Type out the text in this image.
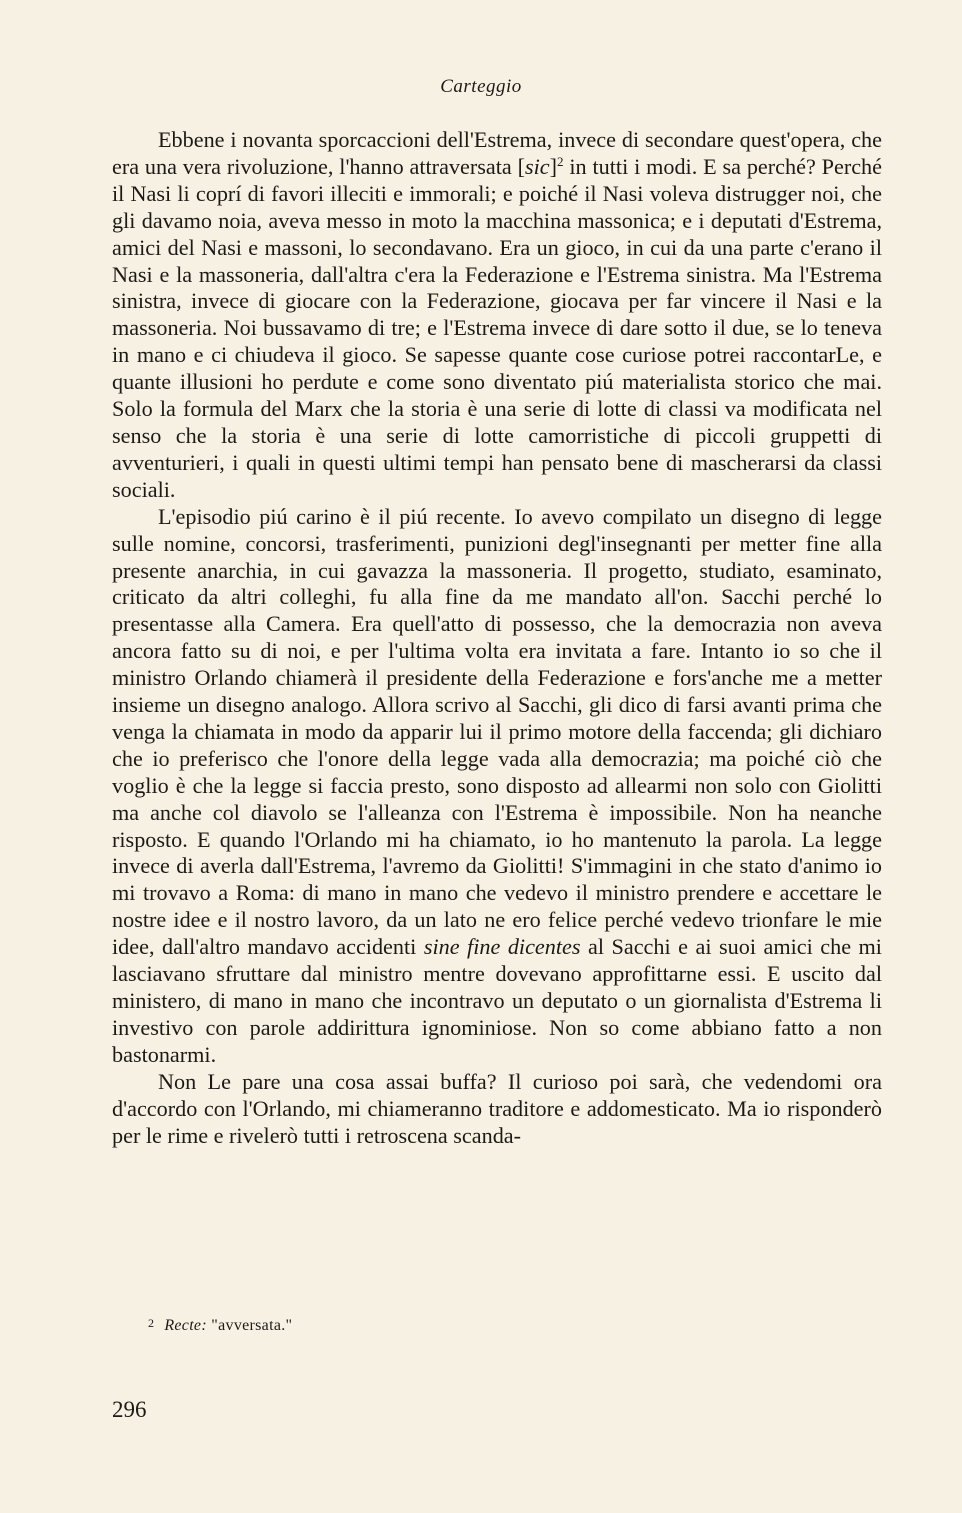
Carteggio

Ebbene i novanta sporcaccioni dell'Estrema, invece di secondare quest'opera, che era una vera rivoluzione, l'hanno attraversata [sic]$^2$ in tutti i modi. E sa perché? Perché il Nasi li coprí di favori illeciti e immorali; e poiché il Nasi voleva distrugger noi, che gli davamo noia, aveva messo in moto la macchina massonica; e i deputati d'Estrema, amici del Nasi e massoni, lo secondavano. Era un gioco, in cui da una parte c'erano il Nasi e la massoneria, dall'altra c'era la Federazione e l'Estrema sinistra. Ma l'Estrema sinistra, invece di giocare con la Federazione, giocava per far vincere il Nasi e la massoneria. Noi bussavamo di tre; e l'Estrema invece di dare sotto il due, se lo teneva in mano e ci chiudeva il gioco. Se sapesse quante cose curiose potrei raccontarLe, e quante illusioni ho perdute e come sono diventato piú materialista storico che mai. Solo la formula del Marx che la storia è una serie di lotte di classi va modificata nel senso che la storia è una serie di lotte camorristiche di piccoli gruppetti di avventurieri, i quali in questi ultimi tempi han pensato bene di mascherarsi da classi sociali.

L'episodio piú carino è il piú recente. Io avevo compilato un disegno di legge sulle nomine, concorsi, trasferimenti, punizioni degl'insegnanti per metter fine alla presente anarchia, in cui gavazza la massoneria. Il progetto, studiato, esaminato, criticato da altri colleghi, fu alla fine da me mandato all'on. Sacchi perché lo presentasse alla Camera. Era quell'atto di possesso, che la democrazia non aveva ancora fatto su di noi, e per l'ultima volta era invitata a fare. Intanto io so che il ministro Orlando chiamerà il presidente della Federazione e fors'anche me a metter insieme un disegno analogo. Allora scrivo al Sacchi, gli dico di farsi avanti prima che venga la chiamata in modo da apparir lui il primo motore della faccenda; gli dichiaro che io preferisco che l'onore della legge vada alla democrazia; ma poiché ciò che voglio è che la legge si faccia presto, sono disposto ad allearmi non solo con Giolitti ma anche col diavolo se l'alleanza con l'Estrema è impossibile. Non ha neanche risposto. E quando l'Orlando mi ha chiamato, io ho mantenuto la parola. La legge invece di averla dall'Estrema, l'avremo da Giolitti! S'immagini in che stato d'animo io mi trovavo a Roma: di mano in mano che vedevo il ministro prendere e accettare le nostre idee e il nostro lavoro, da un lato ne ero felice perché vedevo trionfare le mie idee, dall'altro mandavo accidenti sine fine dicentes al Sacchi e ai suoi amici che mi lasciavano sfruttare dal ministro mentre dovevano approfittarne essi. E uscito dal ministero, di mano in mano che incontravo un deputato o un giornalista d'Estrema li investivo con parole addirittura ignominiose. Non so come abbiano fatto a non bastonarmi.

Non Le pare una cosa assai buffa? Il curioso poi sarà, che vedendomi ora d'accordo con l'Orlando, mi chiameranno traditore e addomesticato. Ma io risponderò per le rime e rivelerò tutti i retroscena scanda-

2 Recte: "avversata."
296
